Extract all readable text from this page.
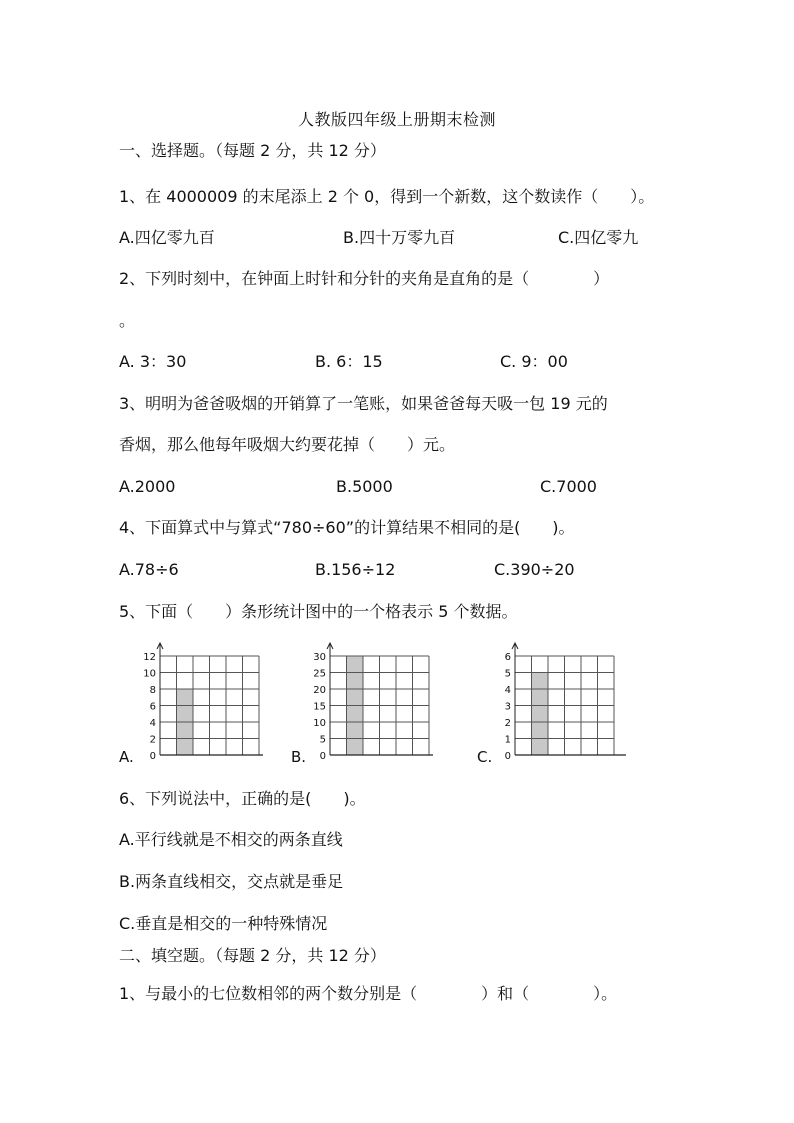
人教版四年级上册期末检测
一、选择题。（每题 2 分，共 12 分）
1、在 4000009 的末尾添上 2 个 0，得到一个新数，这个数读作（　　）。
A.四亿零九百	B.四十万零九百	C.四亿零九
2、下列时刻中，在钟面上时针和分针的夹角是直角的是（　　　　）
。
A. 3：30	B. 6：15	C. 9：00
3、明明为爸爸吸烟的开销算了一笔账，如果爸爸每天吸一包 19 元的
香烟，那么他每年吸烟大约要花掉（　　）元。
A.2000	B.5000	C.7000
4、下面算式中与算式“780÷60”的计算结果不相同的是(　　)。
A.78÷6	B.156÷12	C.390÷20
5、下面（　　）条形统计图中的一个格表示 5 个数据。
A. 0
2
4
6
8
10
12
B. 0
5
10
15
20
25
30
C. 0
1
2
3
4
5
6
6、下列说法中，正确的是(　　)。
A.平行线就是不相交的两条直线
B.两条直线相交，交点就是垂足
C.垂直是相交的一种特殊情况
二、填空题。（每题 2 分，共 12 分）
1、与最小的七位数相邻的两个数分别是（　　　　）和（　　　　）。
